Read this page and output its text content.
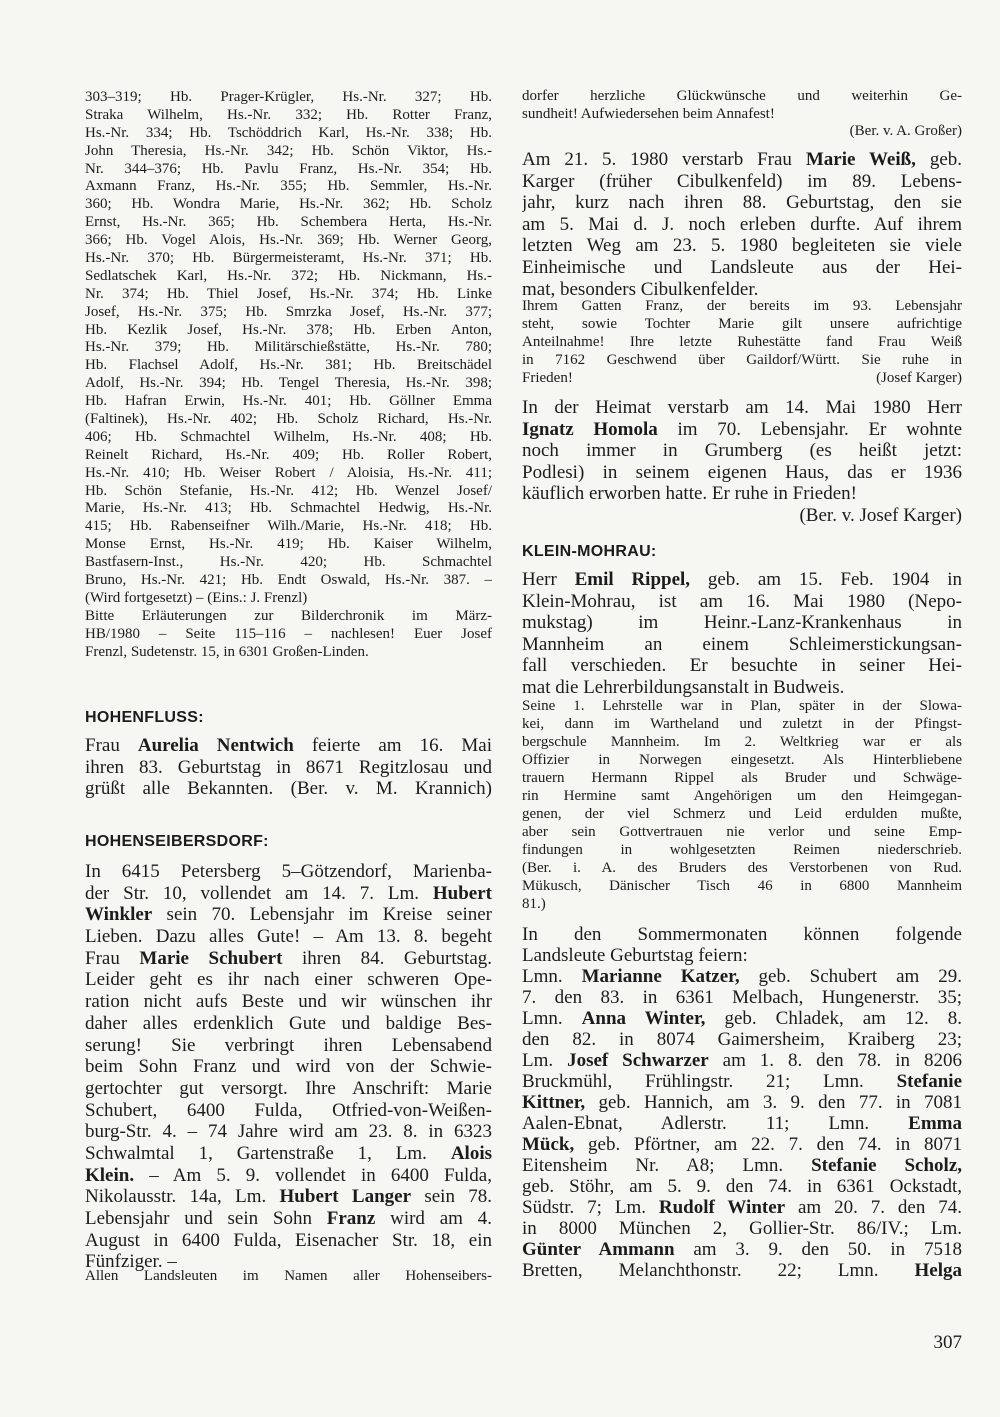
303–319; Hb. Prager-Krügler, Hs.-Nr. 327; Hb.
Straka Wilhelm, Hs.-Nr. 332; Hb. Rotter Franz,
Hs.-Nr. 334; Hb. Tschöddrich Karl, Hs.-Nr. 338; Hb.
John Theresia, Hs.-Nr. 342; Hb. Schön Viktor, Hs.-
Nr. 344–376; Hb. Pavlu Franz, Hs.-Nr. 354; Hb.
Axmann Franz, Hs.-Nr. 355; Hb. Semmler, Hs.-Nr.
360; Hb. Wondra Marie, Hs.-Nr. 362; Hb. Scholz
Ernst, Hs.-Nr. 365; Hb. Schembera Herta, Hs.-Nr.
366; Hb. Vogel Alois, Hs.-Nr. 369; Hb. Werner Georg,
Hs.-Nr. 370; Hb. Bürgermeisteramt, Hs.-Nr. 371; Hb.
Sedlatschek Karl, Hs.-Nr. 372; Hb. Nickmann, Hs.-
Nr. 374; Hb. Thiel Josef, Hs.-Nr. 374; Hb. Linke
Josef, Hs.-Nr. 375; Hb. Smrzka Josef, Hs.-Nr. 377;
Hb. Kezlik Josef, Hs.-Nr. 378; Hb. Erben Anton,
Hs.-Nr. 379; Hb. Militärschießstätte, Hs.-Nr. 780;
Hb. Flachsel Adolf, Hs.-Nr. 381; Hb. Breitschädel
Adolf, Hs.-Nr. 394; Hb. Tengel Theresia, Hs.-Nr. 398;
Hb. Hafran Erwin, Hs.-Nr. 401; Hb. Göllner Emma
(Faltinek), Hs.-Nr. 402; Hb. Scholz Richard, Hs.-Nr.
406; Hb. Schmachtel Wilhelm, Hs.-Nr. 408; Hb.
Reinelt Richard, Hs.-Nr. 409; Hb. Roller Robert,
Hs.-Nr. 410; Hb. Weiser Robert / Aloisia, Hs.-Nr. 411;
Hb. Schön Stefanie, Hs.-Nr. 412; Hb. Wenzel Josef/
Marie, Hs.-Nr. 413; Hb. Schmachtel Hedwig, Hs.-Nr.
415; Hb. Rabenseifner Wilh./Marie, Hs.-Nr. 418; Hb.
Monse Ernst, Hs.-Nr. 419; Hb. Kaiser Wilhelm,
Bastfasern-Inst., Hs.-Nr. 420; Hb. Schmachtel
Bruno, Hs.-Nr. 421; Hb. Endt Oswald, Hs.-Nr. 387. –
(Wird fortgesetzt) – (Eins.: J. Frenzl)
Bitte Erläuterungen zur Bilderchronik im März-
HB/1980 – Seite 115–116 – nachlesen! Euer Josef
Frenzl, Sudetenstr. 15, in 6301 Großen-Linden.
HOHENFLUSS:
Frau Aurelia Nentwich feierte am 16. Mai
ihren 83. Geburtstag in 8671 Regitzlosau und
grüßt alle Bekannten. (Ber. v. M. Krannich)
HOHENSEIBERSDORF:
In 6415 Petersberg 5–Götzendorf, Marienba-
der Str. 10, vollendet am 14. 7. Lm. Hubert
Winkler sein 70. Lebensjahr im Kreise seiner
Lieben. Dazu alles Gute! – Am 13. 8. begeht
Frau Marie Schubert ihren 84. Geburtstag.
Leider geht es ihr nach einer schweren Ope-
ration nicht aufs Beste und wir wünschen ihr
daher alles erdenklich Gute und baldige Bes-
serung! Sie verbringt ihren Lebensabend
beim Sohn Franz und wird von der Schwie-
gertochter gut versorgt. Ihre Anschrift: Marie
Schubert, 6400 Fulda, Otfried-von-Weißen-
burg-Str. 4. – 74 Jahre wird am 23. 8. in 6323
Schwalmtal 1, Gartenstraße 1, Lm. Alois
Klein. – Am 5. 9. vollendet in 6400 Fulda,
Nikolausstr. 14a, Lm. Hubert Langer sein 78.
Lebensjahr und sein Sohn Franz wird am 4.
August in 6400 Fulda, Eisenacher Str. 18, ein
Fünfziger. –
Allen Landsleuten im Namen aller Hohenseibers-
dorfer herzliche Glückwünsche und weiterhin Ge-
sundheit! Aufwiedersehen beim Annafest!
(Ber. v. A. Großer)
Am 21. 5. 1980 verstarb Frau Marie Weiß, geb.
Karger (früher Cibulkenfeld) im 89. Lebens-
jahr, kurz nach ihren 88. Geburtstag, den sie
am 5. Mai d. J. noch erleben durfte. Auf ihrem
letzten Weg am 23. 5. 1980 begleiteten sie viele
Einheimische und Landsleute aus der Hei-
mat, besonders Cibulkenfelder.
Ihrem Gatten Franz, der bereits im 93. Lebensjahr
steht, sowie Tochter Marie gilt unsere aufrichtige
Anteilnahme! Ihre letzte Ruhestätte fand Frau Weiß
in 7162 Geschwend über Gaildorf/Württ. Sie ruhe in
Frieden!	(Josef Karger)
In der Heimat verstarb am 14. Mai 1980 Herr
Ignatz Homola im 70. Lebensjahr. Er wohnte
noch immer in Grumberg (es heißt jetzt:
Podlesi) in seinem eigenen Haus, das er 1936
käuflich erworben hatte. Er ruhe in Frieden!
(Ber. v. Josef Karger)
KLEIN-MOHRAU:
Herr Emil Rippel, geb. am 15. Feb. 1904 in
Klein-Mohrau, ist am 16. Mai 1980 (Nepo-
mukstag) im Heinr.-Lanz-Krankenhaus in
Mannheim an einem Schleimerstickungsan-
fall verschieden. Er besuchte in seiner Hei-
mat die Lehrerbildungsanstalt in Budweis.
Seine 1. Lehrstelle war in Plan, später in der Slowa-
kei, dann im Wartheland und zuletzt in der Pfingst-
bergschule Mannheim. Im 2. Weltkrieg war er als
Offizier in Norwegen eingesetzt. Als Hinterbliebene
trauern Hermann Rippel als Bruder und Schwäge-
rin Hermine samt Angehörigen um den Heimgegan-
genen, der viel Schmerz und Leid erdulden mußte,
aber sein Gottvertrauen nie verlor und seine Emp-
findungen in wohlgesetzten Reimen niederschrieb.
(Ber. i. A. des Bruders des Verstorbenen von Rud.
Mükusch, Dänischer Tisch 46 in 6800 Mannheim
81.)
In den Sommermonaten können folgende
Landsleute Geburtstag feiern:
Lmn. Marianne Katzer, geb. Schubert am 29.
7. den 83. in 6361 Melbach, Hungenerstr. 35;
Lmn. Anna Winter, geb. Chladek, am 12. 8.
den 82. in 8074 Gaimersheim, Kraiberg 23;
Lm. Josef Schwarzer am 1. 8. den 78. in 8206
Bruckmühl, Frühlingstr. 21; Lmn. Stefanie
Kittner, geb. Hannich, am 3. 9. den 77. in 7081
Aalen-Ebnat, Adlerstr. 11; Lmn. Emma
Mück, geb. Pförtner, am 22. 7. den 74. in 8071
Eitensheim Nr. A8; Lmn. Stefanie Scholz,
geb. Stöhr, am 5. 9. den 74. in 6361 Ockstadt,
Südstr. 7; Lm. Rudolf Winter am 20. 7. den 74.
in 8000 München 2, Gollier-Str. 86/IV.; Lm.
Günter Ammann am 3. 9. den 50. in 7518
Bretten, Melanchthonstr. 22; Lmn. Helga
307
